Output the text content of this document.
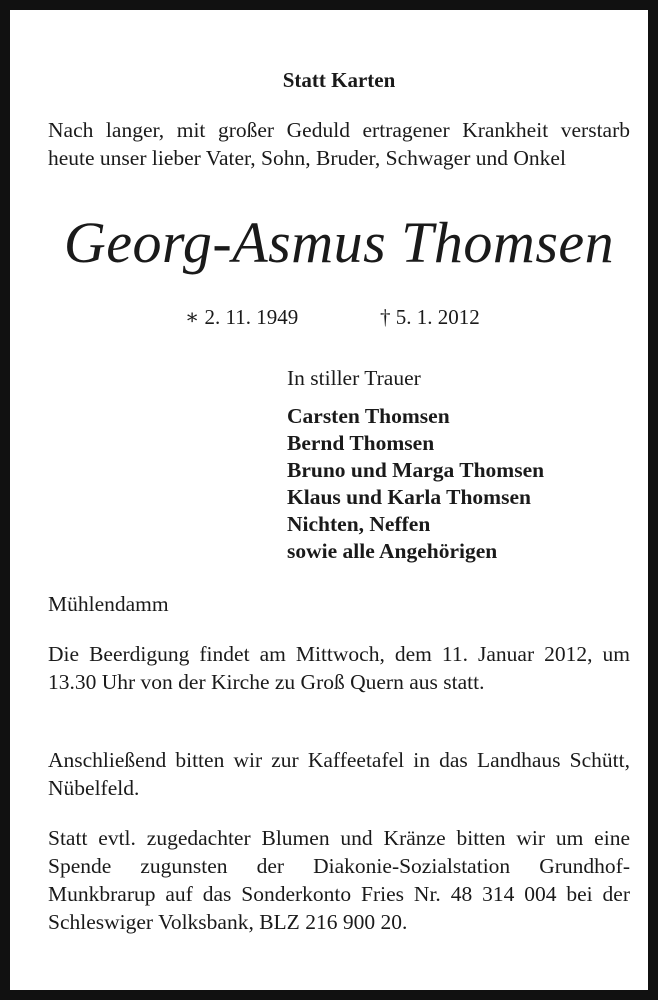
Statt Karten
Nach langer, mit großer Geduld ertragener Krankheit verstarb heute unser lieber Vater, Sohn, Bruder, Schwager und Onkel
Georg-Asmus Thomsen
∗ 2. 11. 1949	† 5. 1. 2012
In stiller Trauer
Carsten Thomsen
Bernd Thomsen
Bruno und Marga Thomsen
Klaus und Karla Thomsen
Nichten, Neffen
sowie alle Angehörigen
Mühlendamm
Die Beerdigung findet am Mittwoch, dem 11. Januar 2012, um 13.30 Uhr von der Kirche zu Groß Quern aus statt.
Anschließend bitten wir zur Kaffeetafel in das Landhaus Schütt, Nübelfeld.
Statt evtl. zugedachter Blumen und Kränze bitten wir um eine Spende zugunsten der Diakonie-Sozialstation Grundhof-Munkbrarup auf das Sonderkonto Fries Nr. 48 314 004 bei der Schleswiger Volksbank, BLZ 216 900 20.
